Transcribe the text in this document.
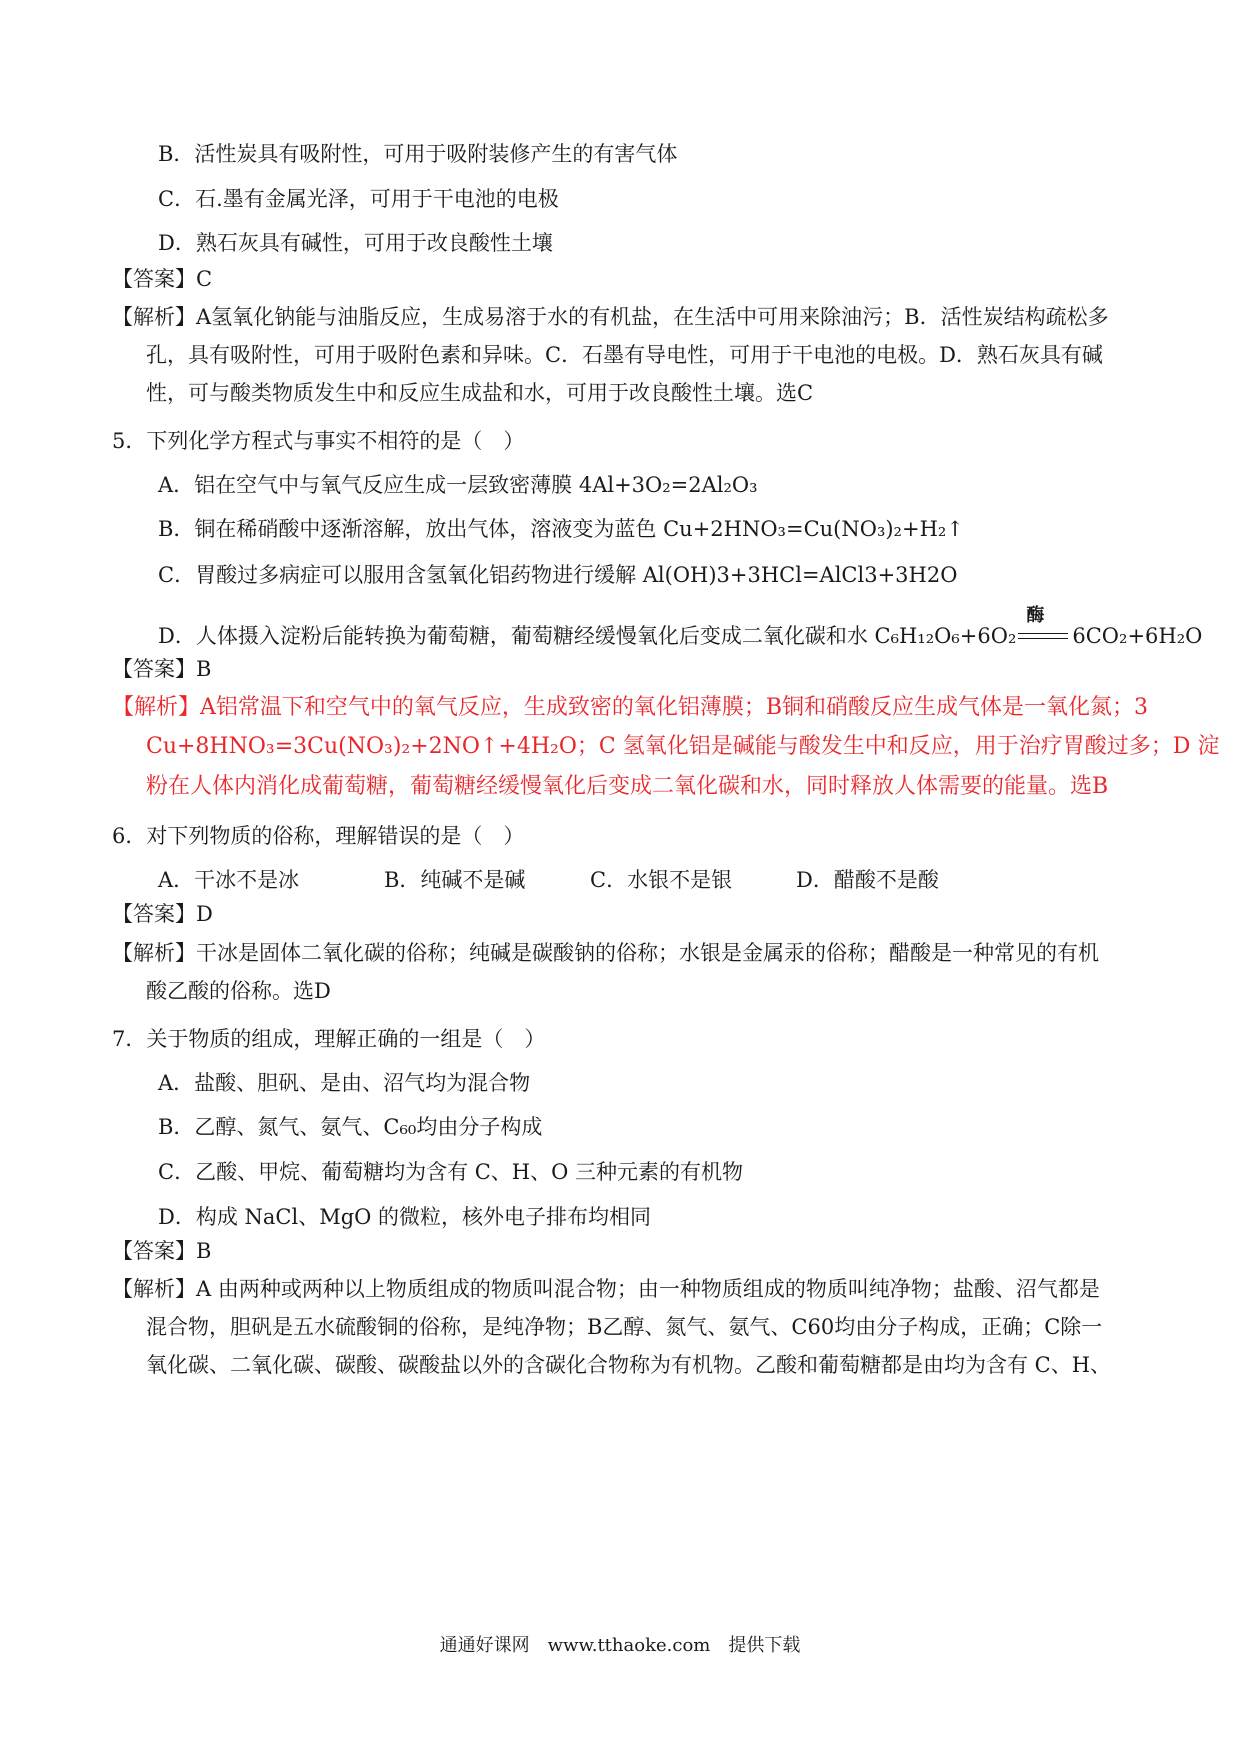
B．活性炭具有吸附性，可用于吸附装修产生的有害气体
C．石.墨有金属光泽，可用于干电池的电极
D．熟石灰具有碱性，可用于改良酸性土壤
【答案】C
【解析】A氢氧化钠能与油脂反应，生成易溶于水的有机盐，在生活中可用来除油污；B．活性炭结构疏松多
孔，具有吸附性，可用于吸附色素和异味。C．石墨有导电性，可用于干电池的电极。D．熟石灰具有碱
性，可与酸类物质发生中和反应生成盐和水，可用于改良酸性土壤。选C
5．下列化学方程式与事实不相符的是（　）
A．铝在空气中与氧气反应生成一层致密薄膜 4Al+3O₂=2Al₂O₃
B．铜在稀硝酸中逐渐溶解，放出气体，溶液变为蓝色 Cu+2HNO₃=Cu(NO₃)₂+H₂↑
C．胃酸过多病症可以服用含氢氧化铝药物进行缓解 Al(OH)3+3HCl=AlCl3+3H2O
D．人体摄入淀粉后能转换为葡萄糖，葡萄糖经缓慢氧化后变成二氧化碳和水 C₆H₁₂O₆+6O₂
酶
6CO₂+6H₂O
【答案】B
【解析】A铝常温下和空气中的氧气反应，生成致密的氧化铝薄膜；B铜和硝酸反应生成气体是一氧化氮；3
Cu+8HNO₃=3Cu(NO₃)₂+2NO↑+4H₂O；C 氢氧化铝是碱能与酸发生中和反应，用于治疗胃酸过多；D 淀
粉在人体内消化成葡萄糖，葡萄糖经缓慢氧化后变成二氧化碳和水，同时释放人体需要的能量。选B
6．对下列物质的俗称，理解错误的是（　）
A．干冰不是冰	B．纯碱不是碱	C．水银不是银	D．醋酸不是酸
【答案】D
【解析】干冰是固体二氧化碳的俗称；纯碱是碳酸钠的俗称；水银是金属汞的俗称；醋酸是一种常见的有机
酸乙酸的俗称。选D
7．关于物质的组成，理解正确的一组是（　）
A．盐酸、胆矾、是由、沼气均为混合物
B．乙醇、氮气、氨气、C₆₀均由分子构成
C．乙酸、甲烷、葡萄糖均为含有 C、H、O 三种元素的有机物
D．构成 NaCl、MgO 的微粒，核外电子排布均相同
【答案】B
【解析】A 由两种或两种以上物质组成的物质叫混合物；由一种物质组成的物质叫纯净物；盐酸、沼气都是
混合物，胆矾是五水硫酸铜的俗称，是纯净物；B乙醇、氮气、氨气、C60均由分子构成，正确；C除一
氧化碳、二氧化碳、碳酸、碳酸盐以外的含碳化合物称为有机物。乙酸和葡萄糖都是由均为含有 C、H、
通通好课网　www.tthaoke.com　提供下载
